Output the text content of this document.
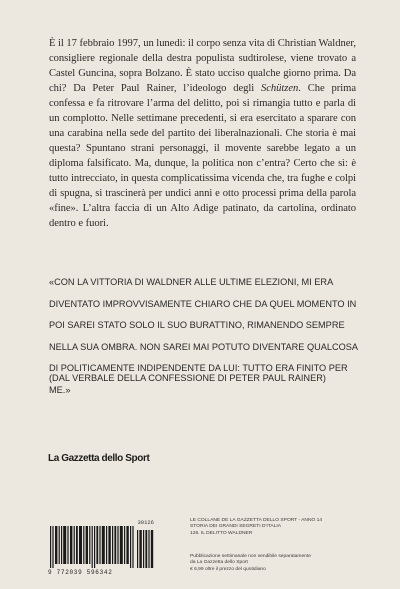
È il 17 febbraio 1997, un lunedì: il corpo senza vita di Christian Waldner, consigliere regionale della destra populista sudtirolese, viene trovato a Castel Guncina, sopra Bolzano. È stato ucciso qualche giorno prima. Da chi? Da Peter Paul Rainer, l’ideologo degli Schützen. Che prima confessa e fa ritrovare l’arma del delitto, poi si rimangia tutto e parla di un complotto. Nelle settimane precedenti, si era esercitato a sparare con una carabina nella sede del partito dei liberalnazionali. Che storia è mai questa? Spuntano strani personaggi, il movente sarebbe legato a un diploma falsificato. Ma, dunque, la politica non c’entra? Certo che sì: è tutto intrecciato, in questa complicatissima vicenda che, tra fughe e colpi di spugna, si trascinerà per undici anni e otto processi prima della parola «fine». L’altra faccia di un Alto Adige patinato, da cartolina, ordinato dentro e fuori.

«CON LA VITTORIA DI WALDNER ALLE ULTIME ELEZIONI, MI ERA DIVENTATO IMPROVVISAMENTE CHIARO CHE DA QUEL MOMENTO IN POI SAREI STATO SOLO IL SUO BURATTINO, RIMANENDO SEMPRE NELLA SUA OMBRA. NON SAREI MAI POTUTO DIVENTARE QUALCOSA DI POLITICAMENTE INDIPENDENTE DA LUI: TUTTO ERA FINITO PER ME.»

(DAL VERBALE DELLA CONFESSIONE DI PETER PAUL RAINER)

La Gazzetta dello Sport
30126
9 772039 596342

LE COLLANE DE LA GAZZETTA DELLO SPORT - ANNO 14
STORIA DEI GRANDI SEGRETI D'ITALIA
126. IL DELITTO WALDNER

Pubblicazione settimanale non vendibile separatamente
da La Gazzetta dello Sport
€ 6,99 oltre il prezzo del quotidiano
